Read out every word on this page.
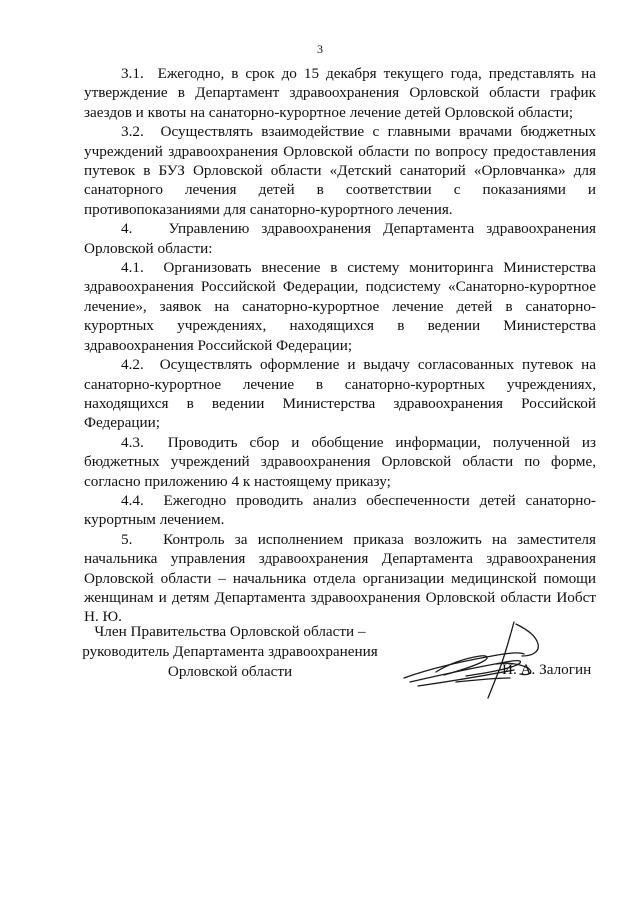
3

3.1.  Ежегодно, в срок до 15 декабря текущего года, представлять на утверждение в Департамент здравоохранения Орловской области график заездов и квоты на санаторно-курортное лечение детей Орловской области;

3.2.  Осуществлять взаимодействие с главными врачами бюджетных учреждений здравоохранения Орловской области по вопросу предоставления путевок в БУЗ Орловской области «Детский санаторий «Орловчанка» для санаторного лечения детей в соответствии с показаниями и противопоказаниями для санаторно-курортного лечения.

4.   Управлению здравоохранения Департамента здравоохранения Орловской области:

4.1.  Организовать внесение в систему мониторинга Министерства здравоохранения Российской Федерации, подсистему «Санаторно-курортное лечение», заявок на санаторно-курортное лечение детей в санаторно-курортных учреждениях, находящихся в ведении Министерства здравоохранения Российской Федерации;

4.2.  Осуществлять оформление и выдачу согласованных путевок на санаторно-курортное лечение в санаторно-курортных учреждениях, находящихся в ведении Министерства здравоохранения Российской Федерации;

4.3.  Проводить сбор и обобщение информации, полученной из бюджетных учреждений здравоохранения Орловской области по форме, согласно приложению 4 к настоящему приказу;

4.4.  Ежегодно проводить анализ обеспеченности детей санаторно-курортным лечением.

5.   Контроль за исполнением приказа возложить на заместителя начальника управления здравоохранения Департамента здравоохранения Орловской области – начальника отдела организации медицинской помощи женщинам и детям Департамента здравоохранения Орловской области Иобст Н. Ю.

Член Правительства Орловской области –
руководитель Департамента здравоохранения
Орловской области	И. А. Залогин
